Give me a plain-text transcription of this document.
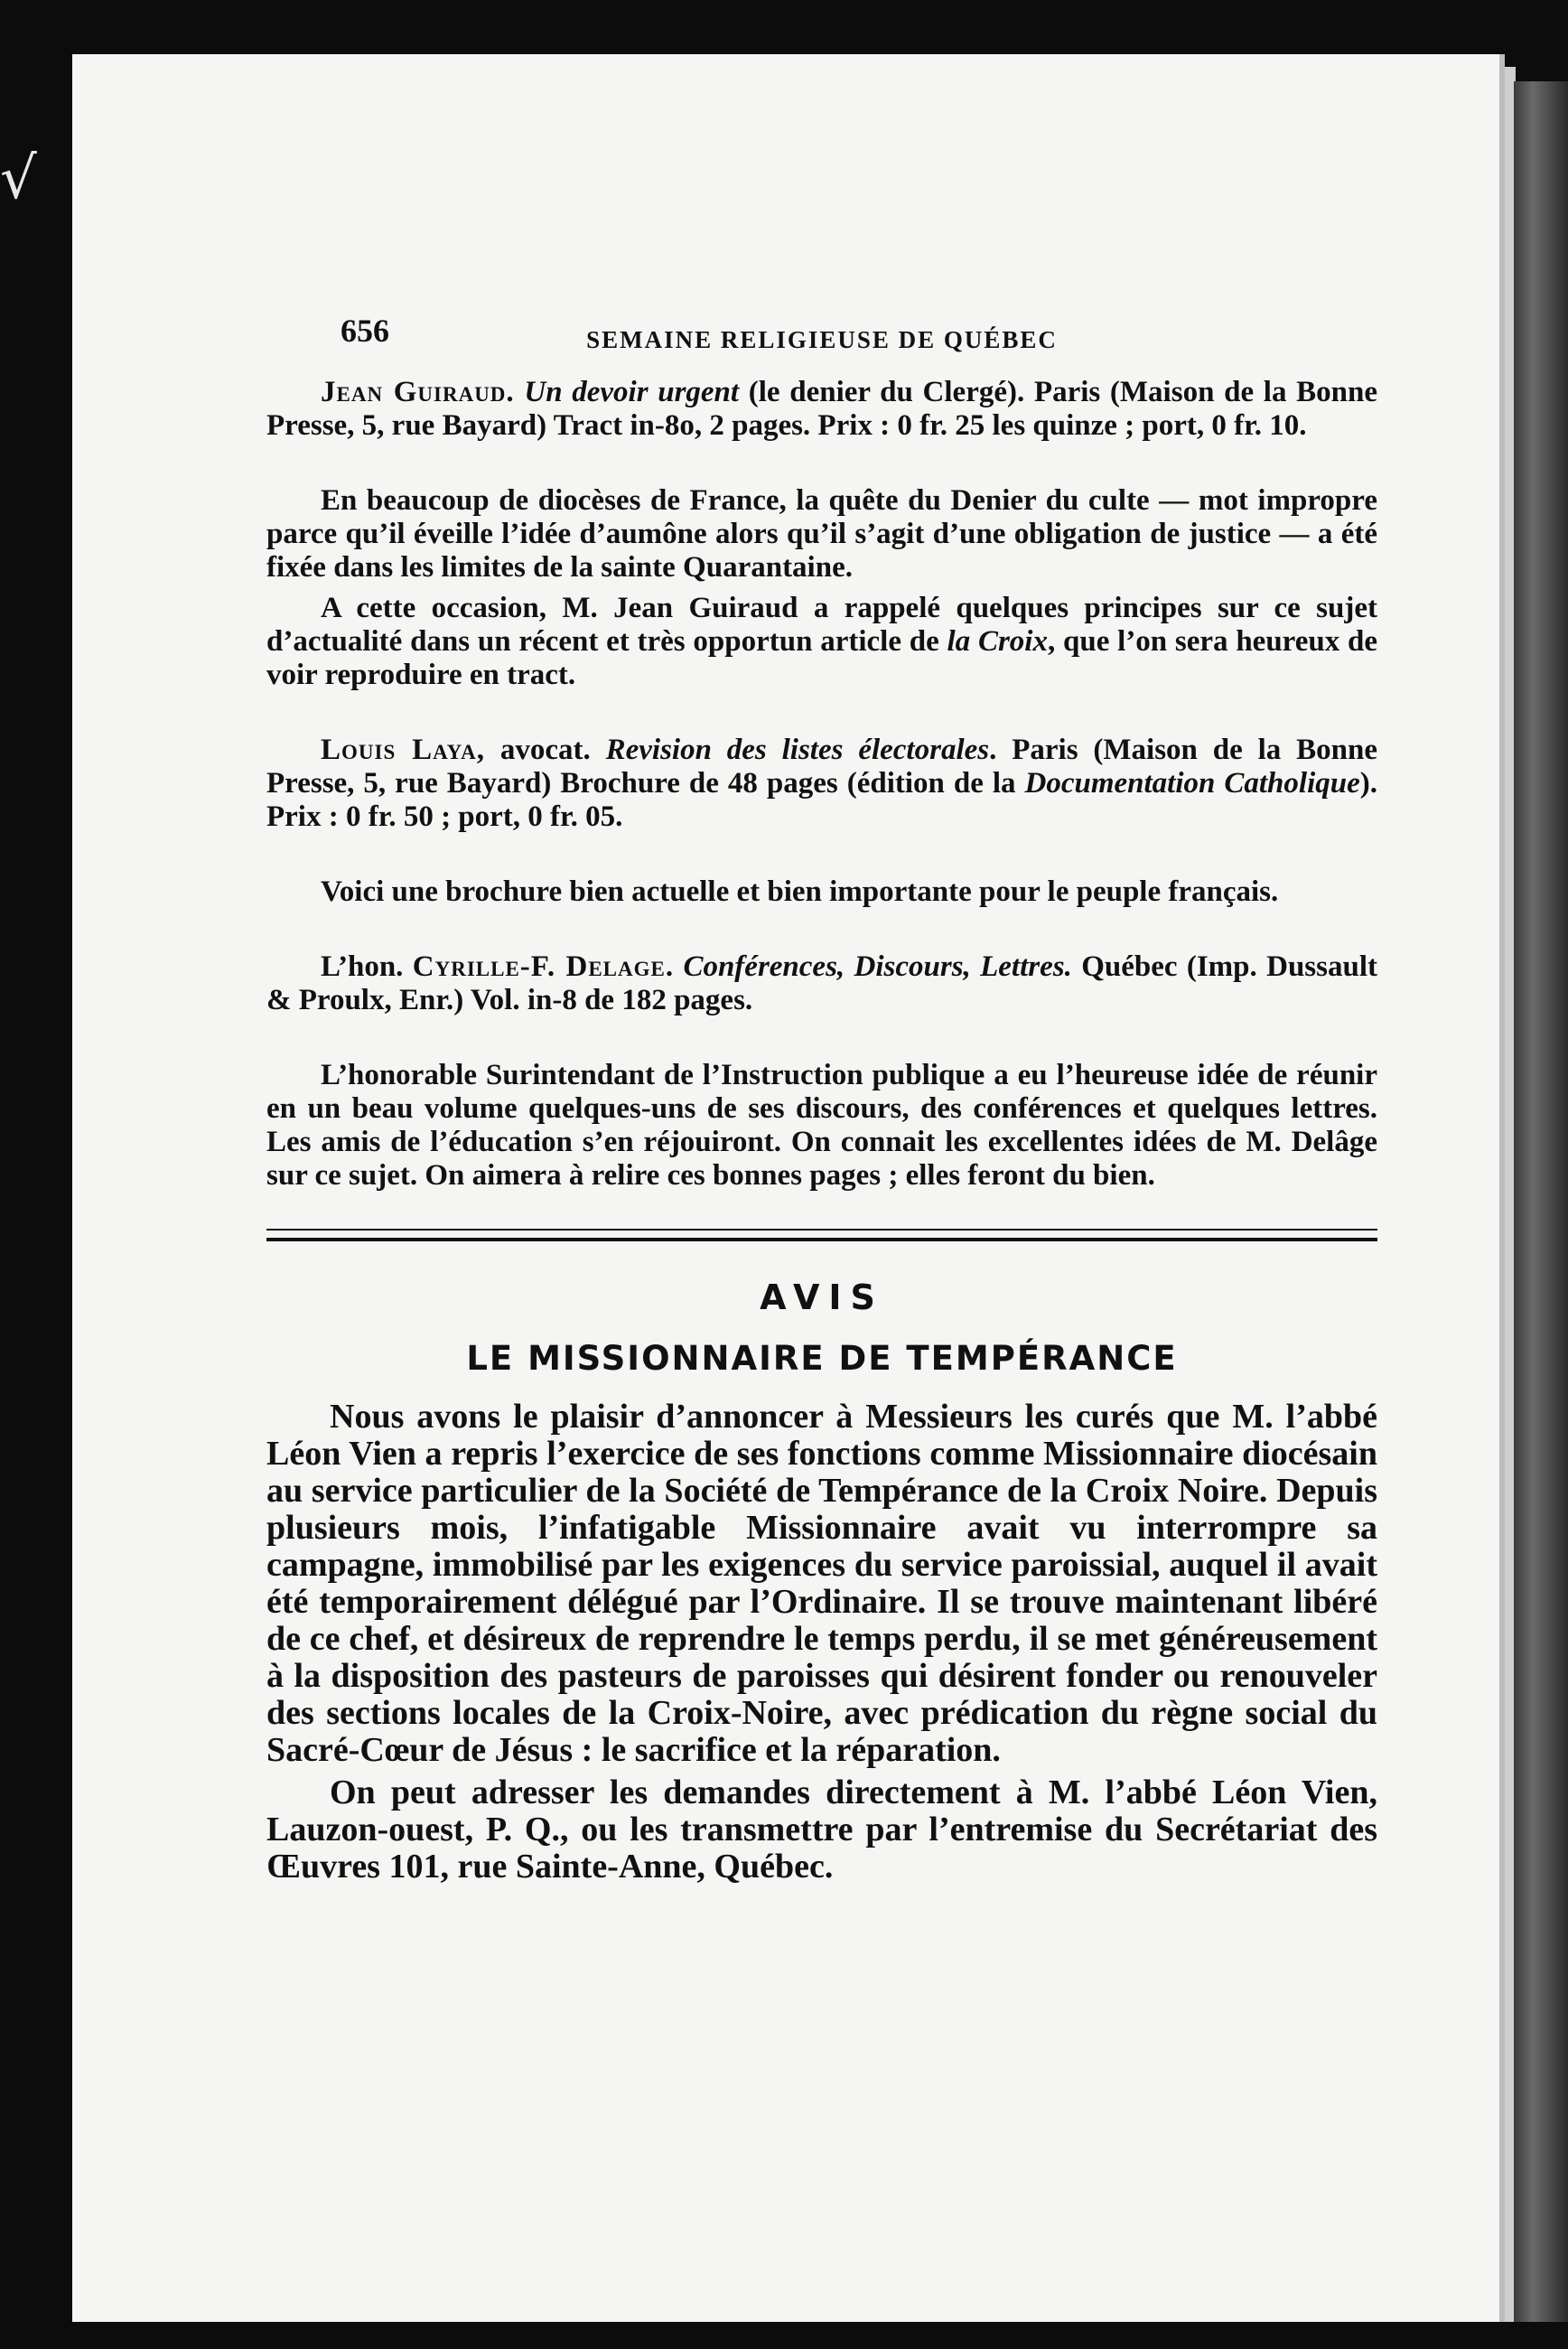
√
656	SEMAINE RELIGIEUSE DE QUÉBEC

Jean Guiraud. Un devoir urgent (le denier du Clergé). Paris (Maison de la Bonne Presse, 5, rue Bayard) Tract in-8o, 2 pages. Prix : 0 fr. 25 les quinze ; port, 0 fr. 10.

En beaucoup de diocèses de France, la quête du Denier du culte — mot impropre parce qu’il éveille l’idée d’aumône alors qu’il s’agit d’une obligation de justice — a été fixée dans les limites de la sainte Quarantaine.

A cette occasion, M. Jean Guiraud a rappelé quelques principes sur ce sujet d’actualité dans un récent et très opportun article de la Croix, que l’on sera heureux de voir reproduire en tract.

Louis Laya, avocat. Revision des listes électorales. Paris (Maison de la Bonne Presse, 5, rue Bayard) Brochure de 48 pages (édition de la Documentation Catholique). Prix : 0 fr. 50 ; port, 0 fr. 05.

Voici une brochure bien actuelle et bien importante pour le peuple français.

L’hon. Cyrille-F. Delage. Conférences, Discours, Lettres. Québec (Imp. Dussault & Proulx, Enr.) Vol. in-8 de 182 pages.

L’honorable Surintendant de l’Instruction publique a eu l’heureuse idée de réunir en un beau volume quelques-uns de ses discours, des conférences et quelques lettres. Les amis de l’éducation s’en réjouiront. On connait les excellentes idées de M. Delâge sur ce sujet. On aimera à relire ces bonnes pages ; elles feront du bien.

AVIS
LE MISSIONNAIRE DE TEMPÉRANCE

Nous avons le plaisir d’annoncer à Messieurs les curés que M. l’abbé Léon Vien a repris l’exercice de ses fonctions comme Missionnaire diocésain au service particulier de la Société de Tempérance de la Croix Noire. Depuis plusieurs mois, l’infatigable Missionnaire avait vu interrompre sa campagne, immobilisé par les exigences du service paroissial, auquel il avait été temporairement délégué par l’Ordinaire. Il se trouve maintenant libéré de ce chef, et désireux de reprendre le temps perdu, il se met généreusement à la disposition des pasteurs de paroisses qui désirent fonder ou renouveler des sections locales de la Croix-Noire, avec prédication du règne social du Sacré-Cœur de Jésus : le sacrifice et la réparation.

On peut adresser les demandes directement à M. l’abbé Léon Vien, Lauzon-ouest, P. Q., ou les transmettre par l’entremise du Secrétariat des Œuvres 101, rue Sainte-Anne, Québec.
